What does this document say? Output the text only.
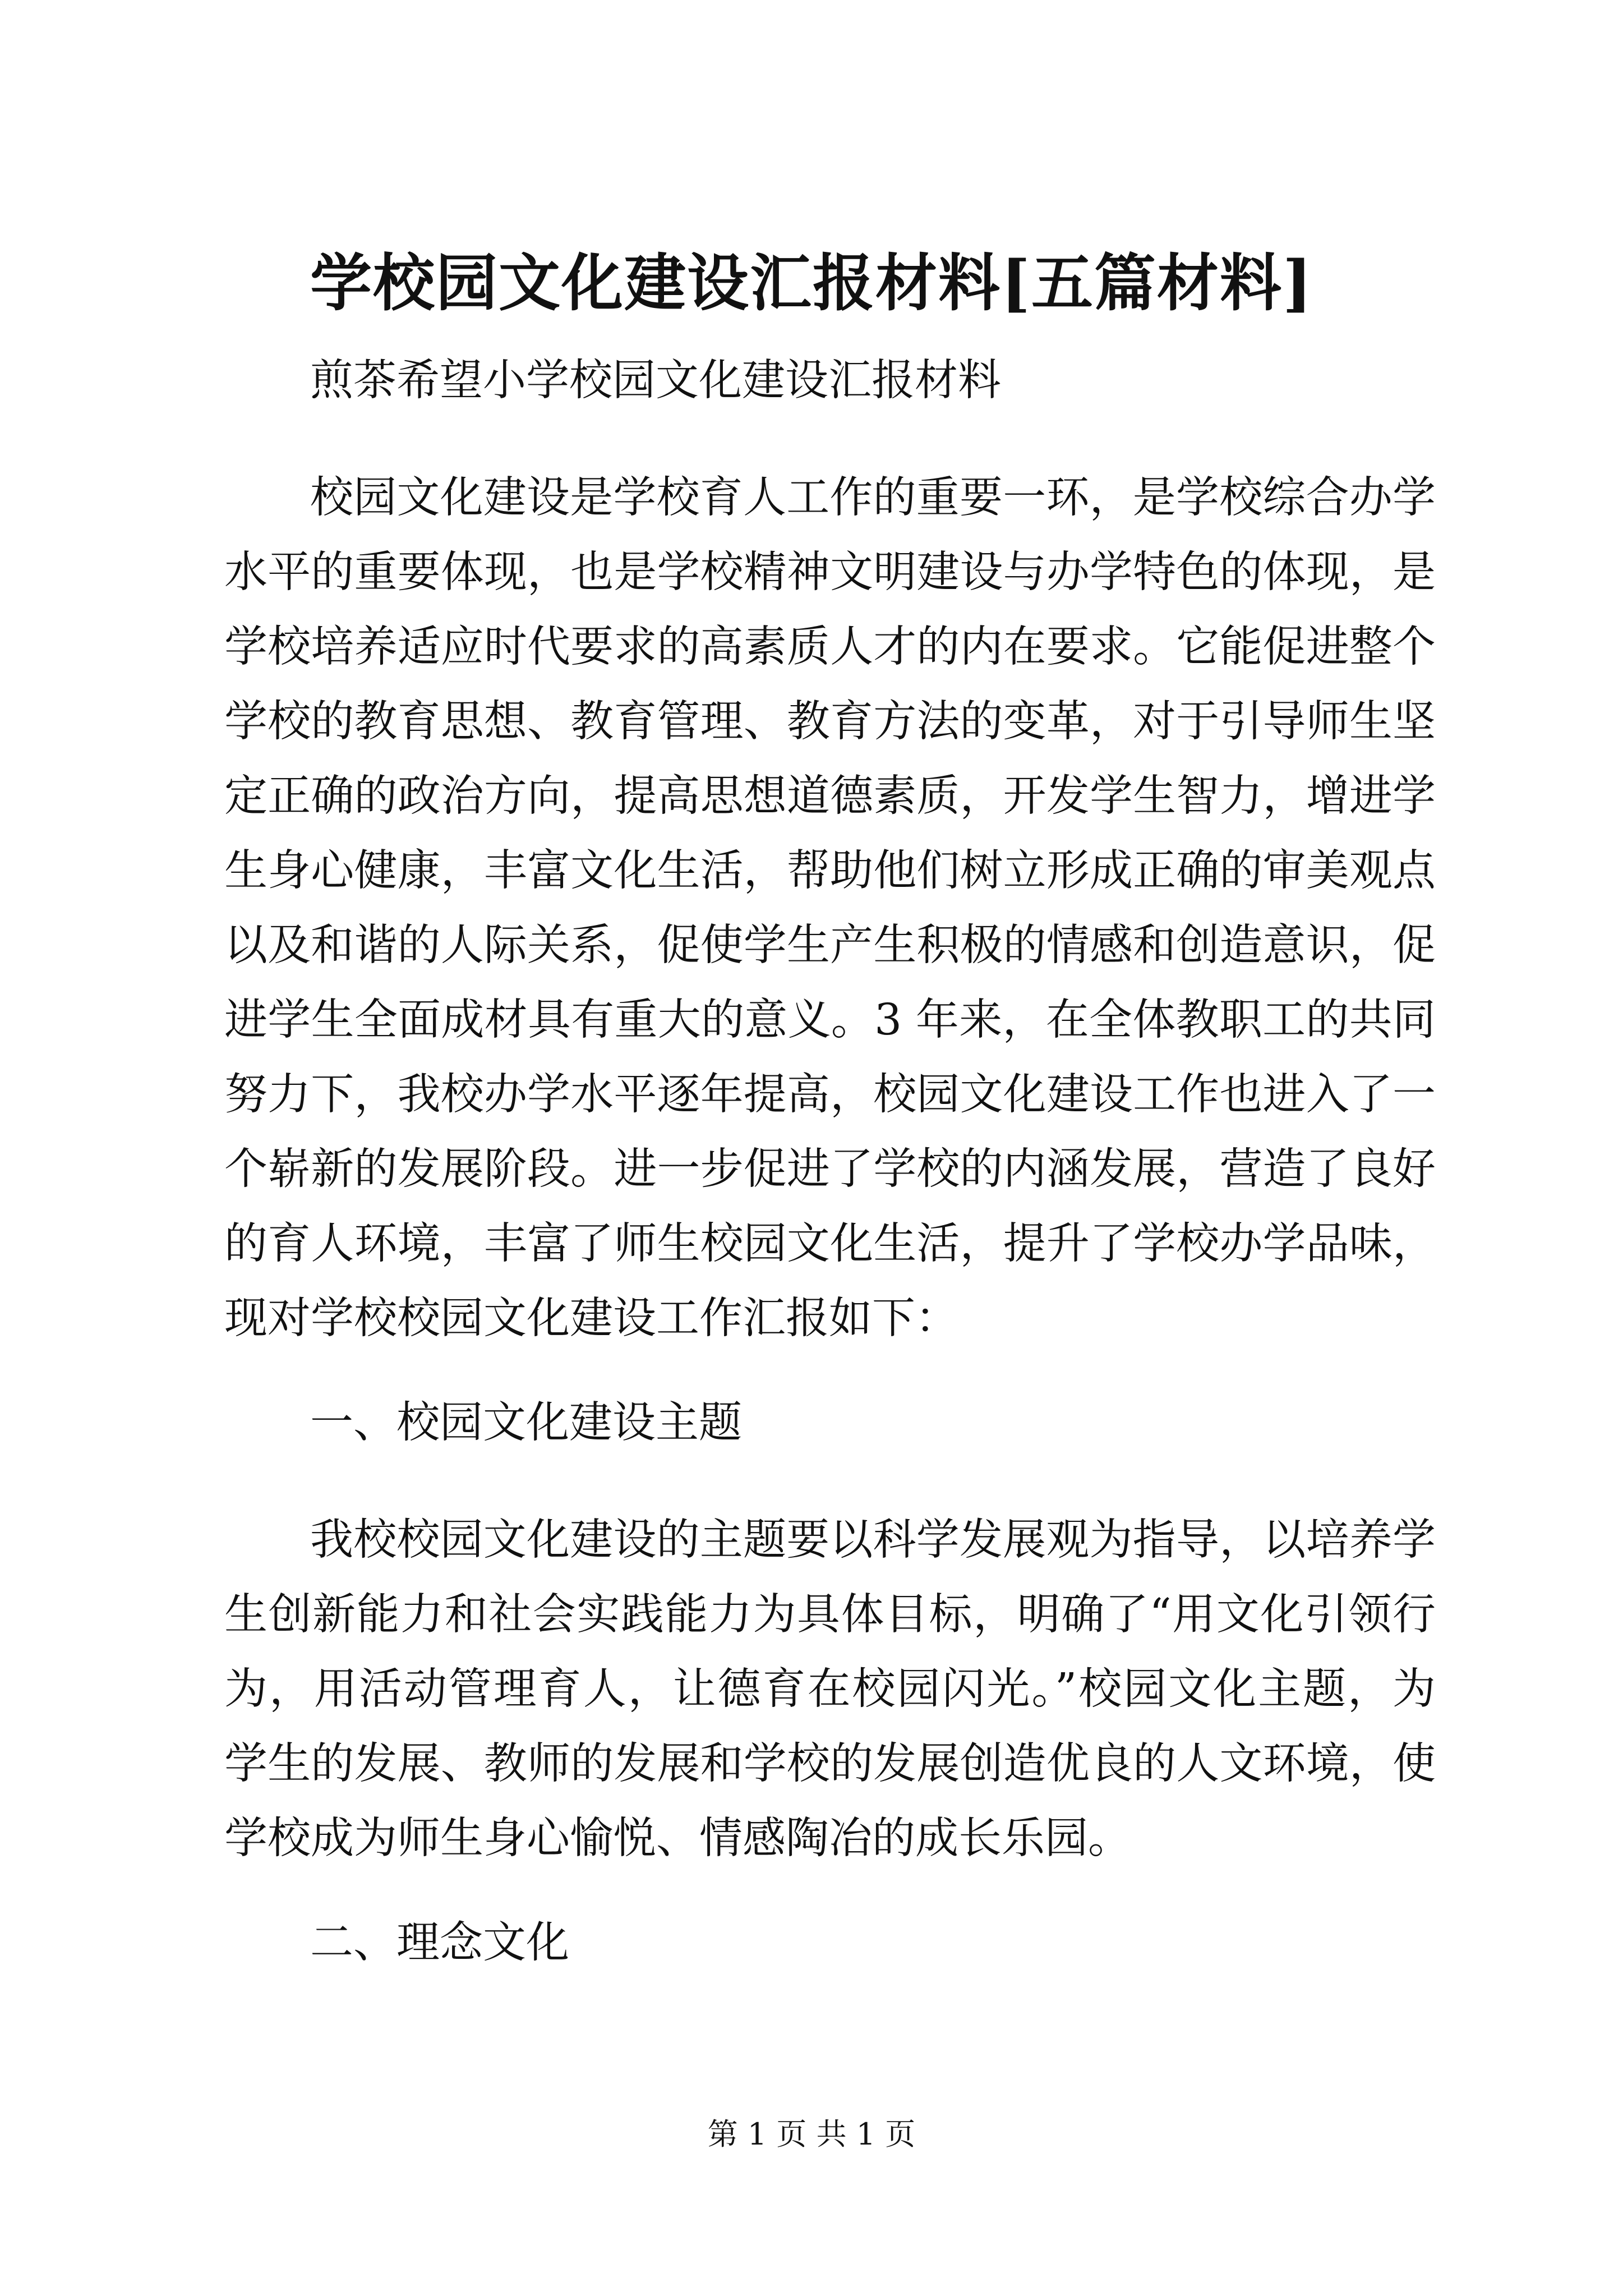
学校园文化建设汇报材料[五篇材料]
煎茶希望小学校园文化建设汇报材料
校园文化建设是学校育人工作的重要一环，是学校综合办学
水平的重要体现，也是学校精神文明建设与办学特色的体现，是
学校培养适应时代要求的高素质人才的内在要求。它能促进整个
学校的教育思想、教育管理、教育方法的变革，对于引导师生坚
定正确的政治方向，提高思想道德素质，开发学生智力，增进学
生身心健康，丰富文化生活，帮助他们树立形成正确的审美观点
以及和谐的人际关系，促使学生产生积极的情感和创造意识，促
进学生全面成材具有重大的意义。3 年来，在全体教职工的共同
努力下，我校办学水平逐年提高，校园文化建设工作也进入了一
个崭新的发展阶段。进一步促进了学校的内涵发展，营造了良好
的育人环境，丰富了师生校园文化生活，提升了学校办学品味，
现对学校校园文化建设工作汇报如下：
一、校园文化建设主题
我校校园文化建设的主题要以科学发展观为指导，以培养学
生创新能力和社会实践能力为具体目标，明确了“用文化引领行
为，用活动管理育人，让德育在校园闪光。”校园文化主题，为
学生的发展、教师的发展和学校的发展创造优良的人文环境，使
学校成为师生身心愉悦、情感陶冶的成长乐园。
二、理念文化
第 1 页 共 1 页
